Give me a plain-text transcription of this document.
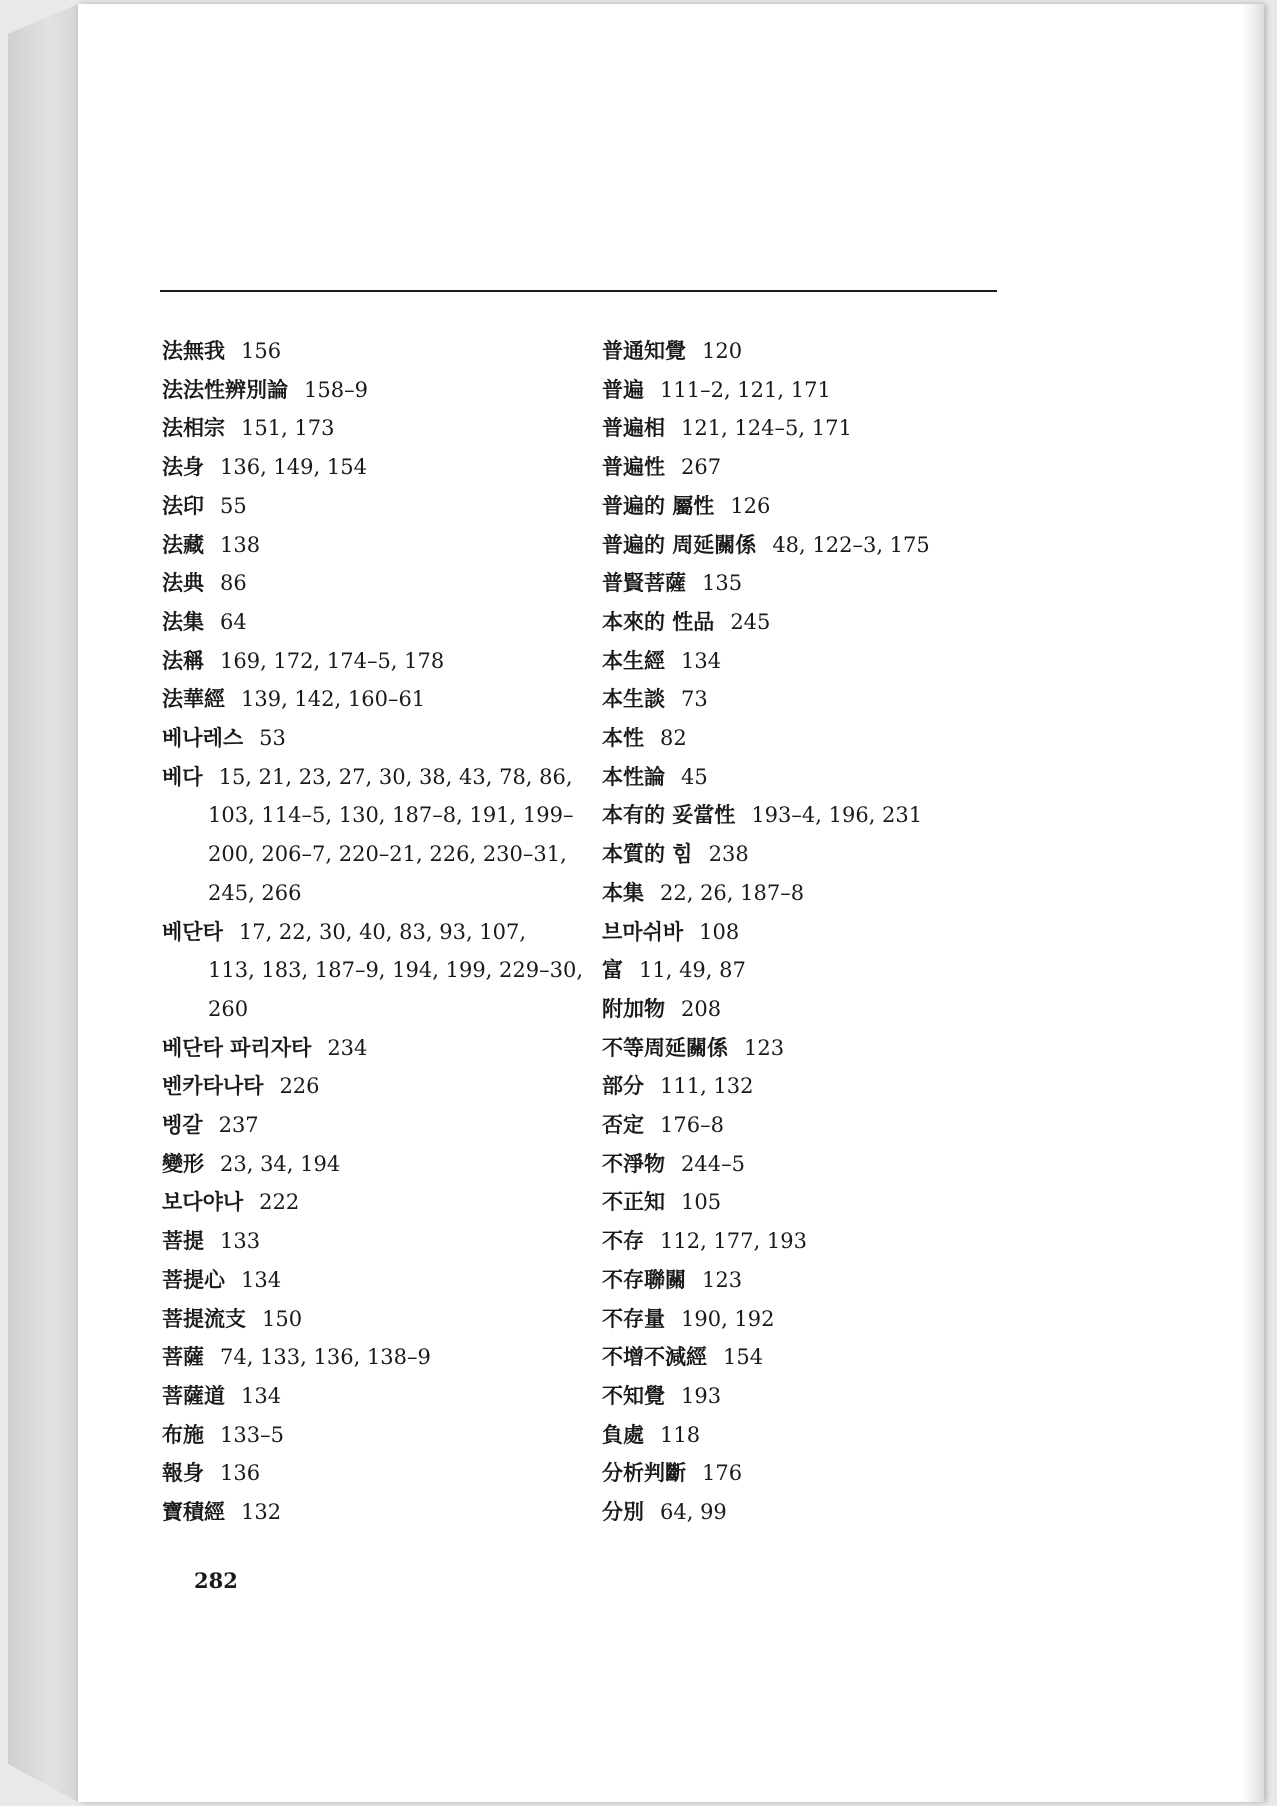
法無我 156
法法性辨別論 158–9
法相宗 151, 173
法身 136, 149, 154
法印 55
法藏 138
法典 86
法集 64
法稱 169, 172, 174–5, 178
法華經 139, 142, 160–61
베나레스 53
베다 15, 21, 23, 27, 30, 38, 43, 78, 86,
103, 114–5, 130, 187–8, 191, 199–
200, 206–7, 220–21, 226, 230–31,
245, 266
베단타 17, 22, 30, 40, 83, 93, 107,
113, 183, 187–9, 194, 199, 229–30,
260
베단타 파리자타 234
벤카타나타 226
벵갈 237
變形 23, 34, 194
보다야나 222
菩提 133
菩提心 134
菩提流支 150
菩薩 74, 133, 136, 138–9
菩薩道 134
布施 133–5
報身 136
寶積經 132
普通知覺 120
普遍 111–2, 121, 171
普遍相 121, 124–5, 171
普遍性 267
普遍的 屬性 126
普遍的 周延關係 48, 122–3, 175
普賢菩薩 135
本來的 性品 245
本生經 134
本生談 73
本性 82
本性論 45
本有的 妥當性 193–4, 196, 231
本質的 힘 238
本集 22, 26, 187–8
브마쉬바 108
富 11, 49, 87
附加物 208
不等周延關係 123
部分 111, 132
否定 176–8
不淨物 244–5
不正知 105
不存 112, 177, 193
不存聯關 123
不存量 190, 192
不增不減經 154
不知覺 193
負處 118
分析判斷 176
分別 64, 99
282
